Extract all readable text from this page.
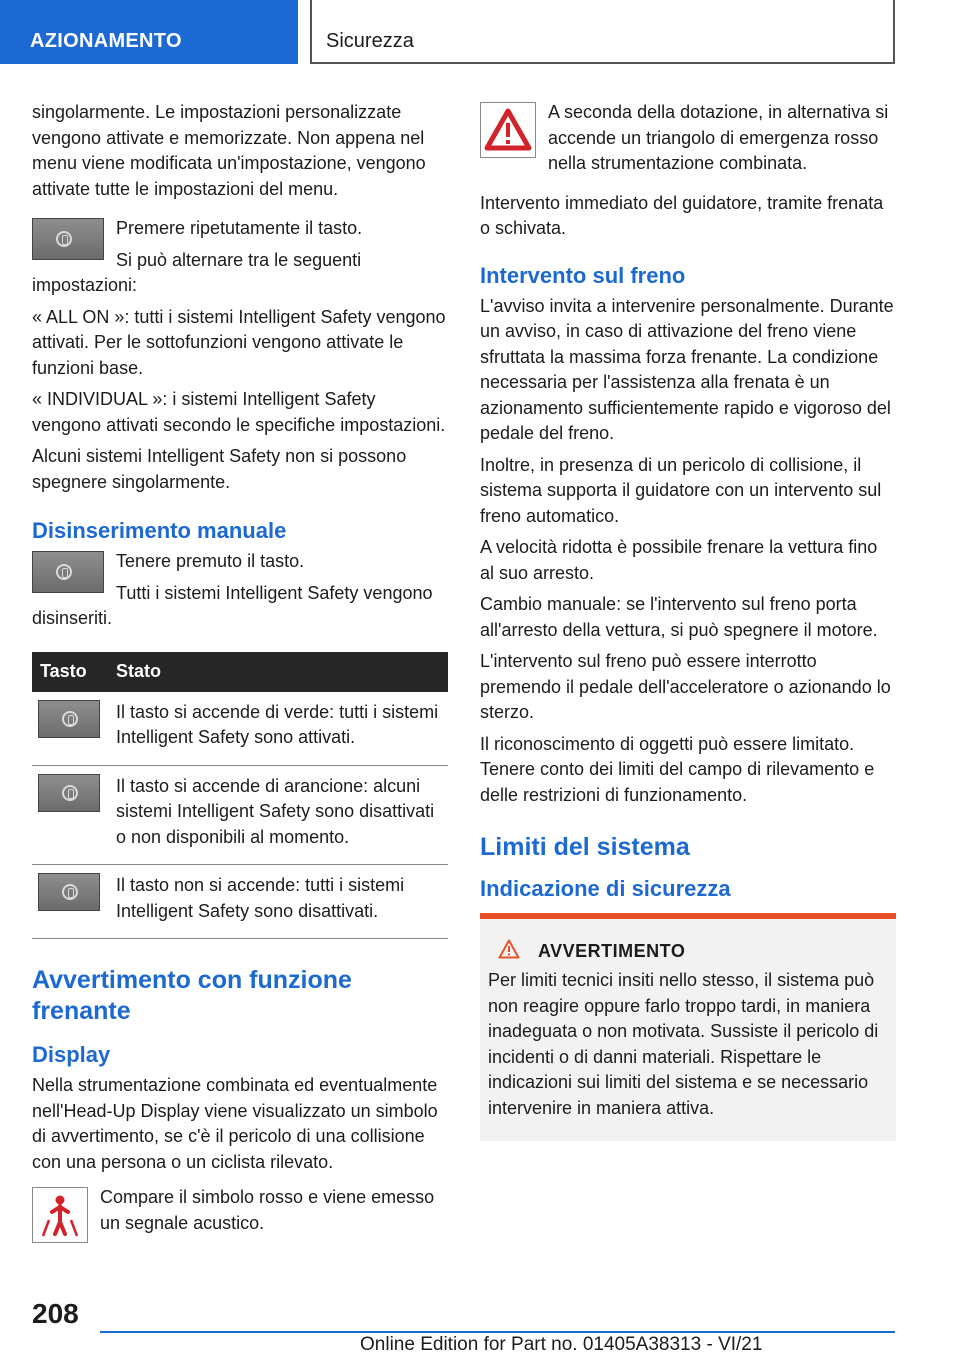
AZIONAMENTO	Sicurezza

singolarmente. Le impostazioni personalizzate vengono attivate e memorizzate. Non appena nel menu viene modificata un'impostazione, vengono attivate tutte le impostazioni del menu.

Premere ripetutamente il tasto.

Si può alternare tra le seguenti impostazioni:

« ALL ON »: tutti i sistemi Intelligent Safety vengono attivati. Per le sottofunzioni vengono attivate le funzioni base.

« INDIVIDUAL »: i sistemi Intelligent Safety vengono attivati secondo le specifiche impostazioni.

Alcuni sistemi Intelligent Safety non si possono spegnere singolarmente.

Disinserimento manuale

Tenere premuto il tasto.

Tutti i sistemi Intelligent Safety vengono disinseriti.

Tasto	Stato

	Il tasto si accende di verde: tutti i sistemi Intelligent Safety sono attivati.

	Il tasto si accende di arancione: alcuni sistemi Intelligent Safety sono disattivati o non disponibili al momento.

	Il tasto non si accende: tutti i sistemi Intelligent Safety sono disattivati.
Avvertimento con funzione frenante
Display

Nella strumentazione combinata ed eventualmente nell'Head-Up Display viene visualizzato un simbolo di avvertimento, se c'è il pericolo di una collisione con una persona o un ciclista rilevato.

Compare il simbolo rosso e viene emesso un segnale acustico.

A seconda della dotazione, in alternativa si accende un triangolo di emergenza rosso nella strumentazione combinata.

Intervento immediato del guidatore, tramite frenata o schivata.

Intervento sul freno

L'avviso invita a intervenire personalmente. Durante un avviso, in caso di attivazione del freno viene sfruttata la massima forza frenante. La condizione necessaria per l'assistenza alla frenata è un azionamento sufficientemente rapido e vigoroso del pedale del freno.

Inoltre, in presenza di un pericolo di collisione, il sistema supporta il guidatore con un intervento sul freno automatico.

A velocità ridotta è possibile frenare la vettura fino al suo arresto.

Cambio manuale: se l'intervento sul freno porta all'arresto della vettura, si può spegnere il motore.

L'intervento sul freno può essere interrotto premendo il pedale dell'acceleratore o azionando lo sterzo.

Il riconoscimento di oggetti può essere limitato. Tenere conto dei limiti del campo di rilevamento e delle restrizioni di funzionamento.

Limiti del sistema
Indicazione di sicurezza
AVVERTIMENTO

Per limiti tecnici insiti nello stesso, il sistema può non reagire oppure farlo troppo tardi, in maniera inadeguata o non motivata. Sussiste il pericolo di incidenti o di danni materiali. Rispettare le indicazioni sui limiti del sistema e se necessario intervenire in maniera attiva.

208
Online Edition for Part no. 01405A38313 - VI/21
